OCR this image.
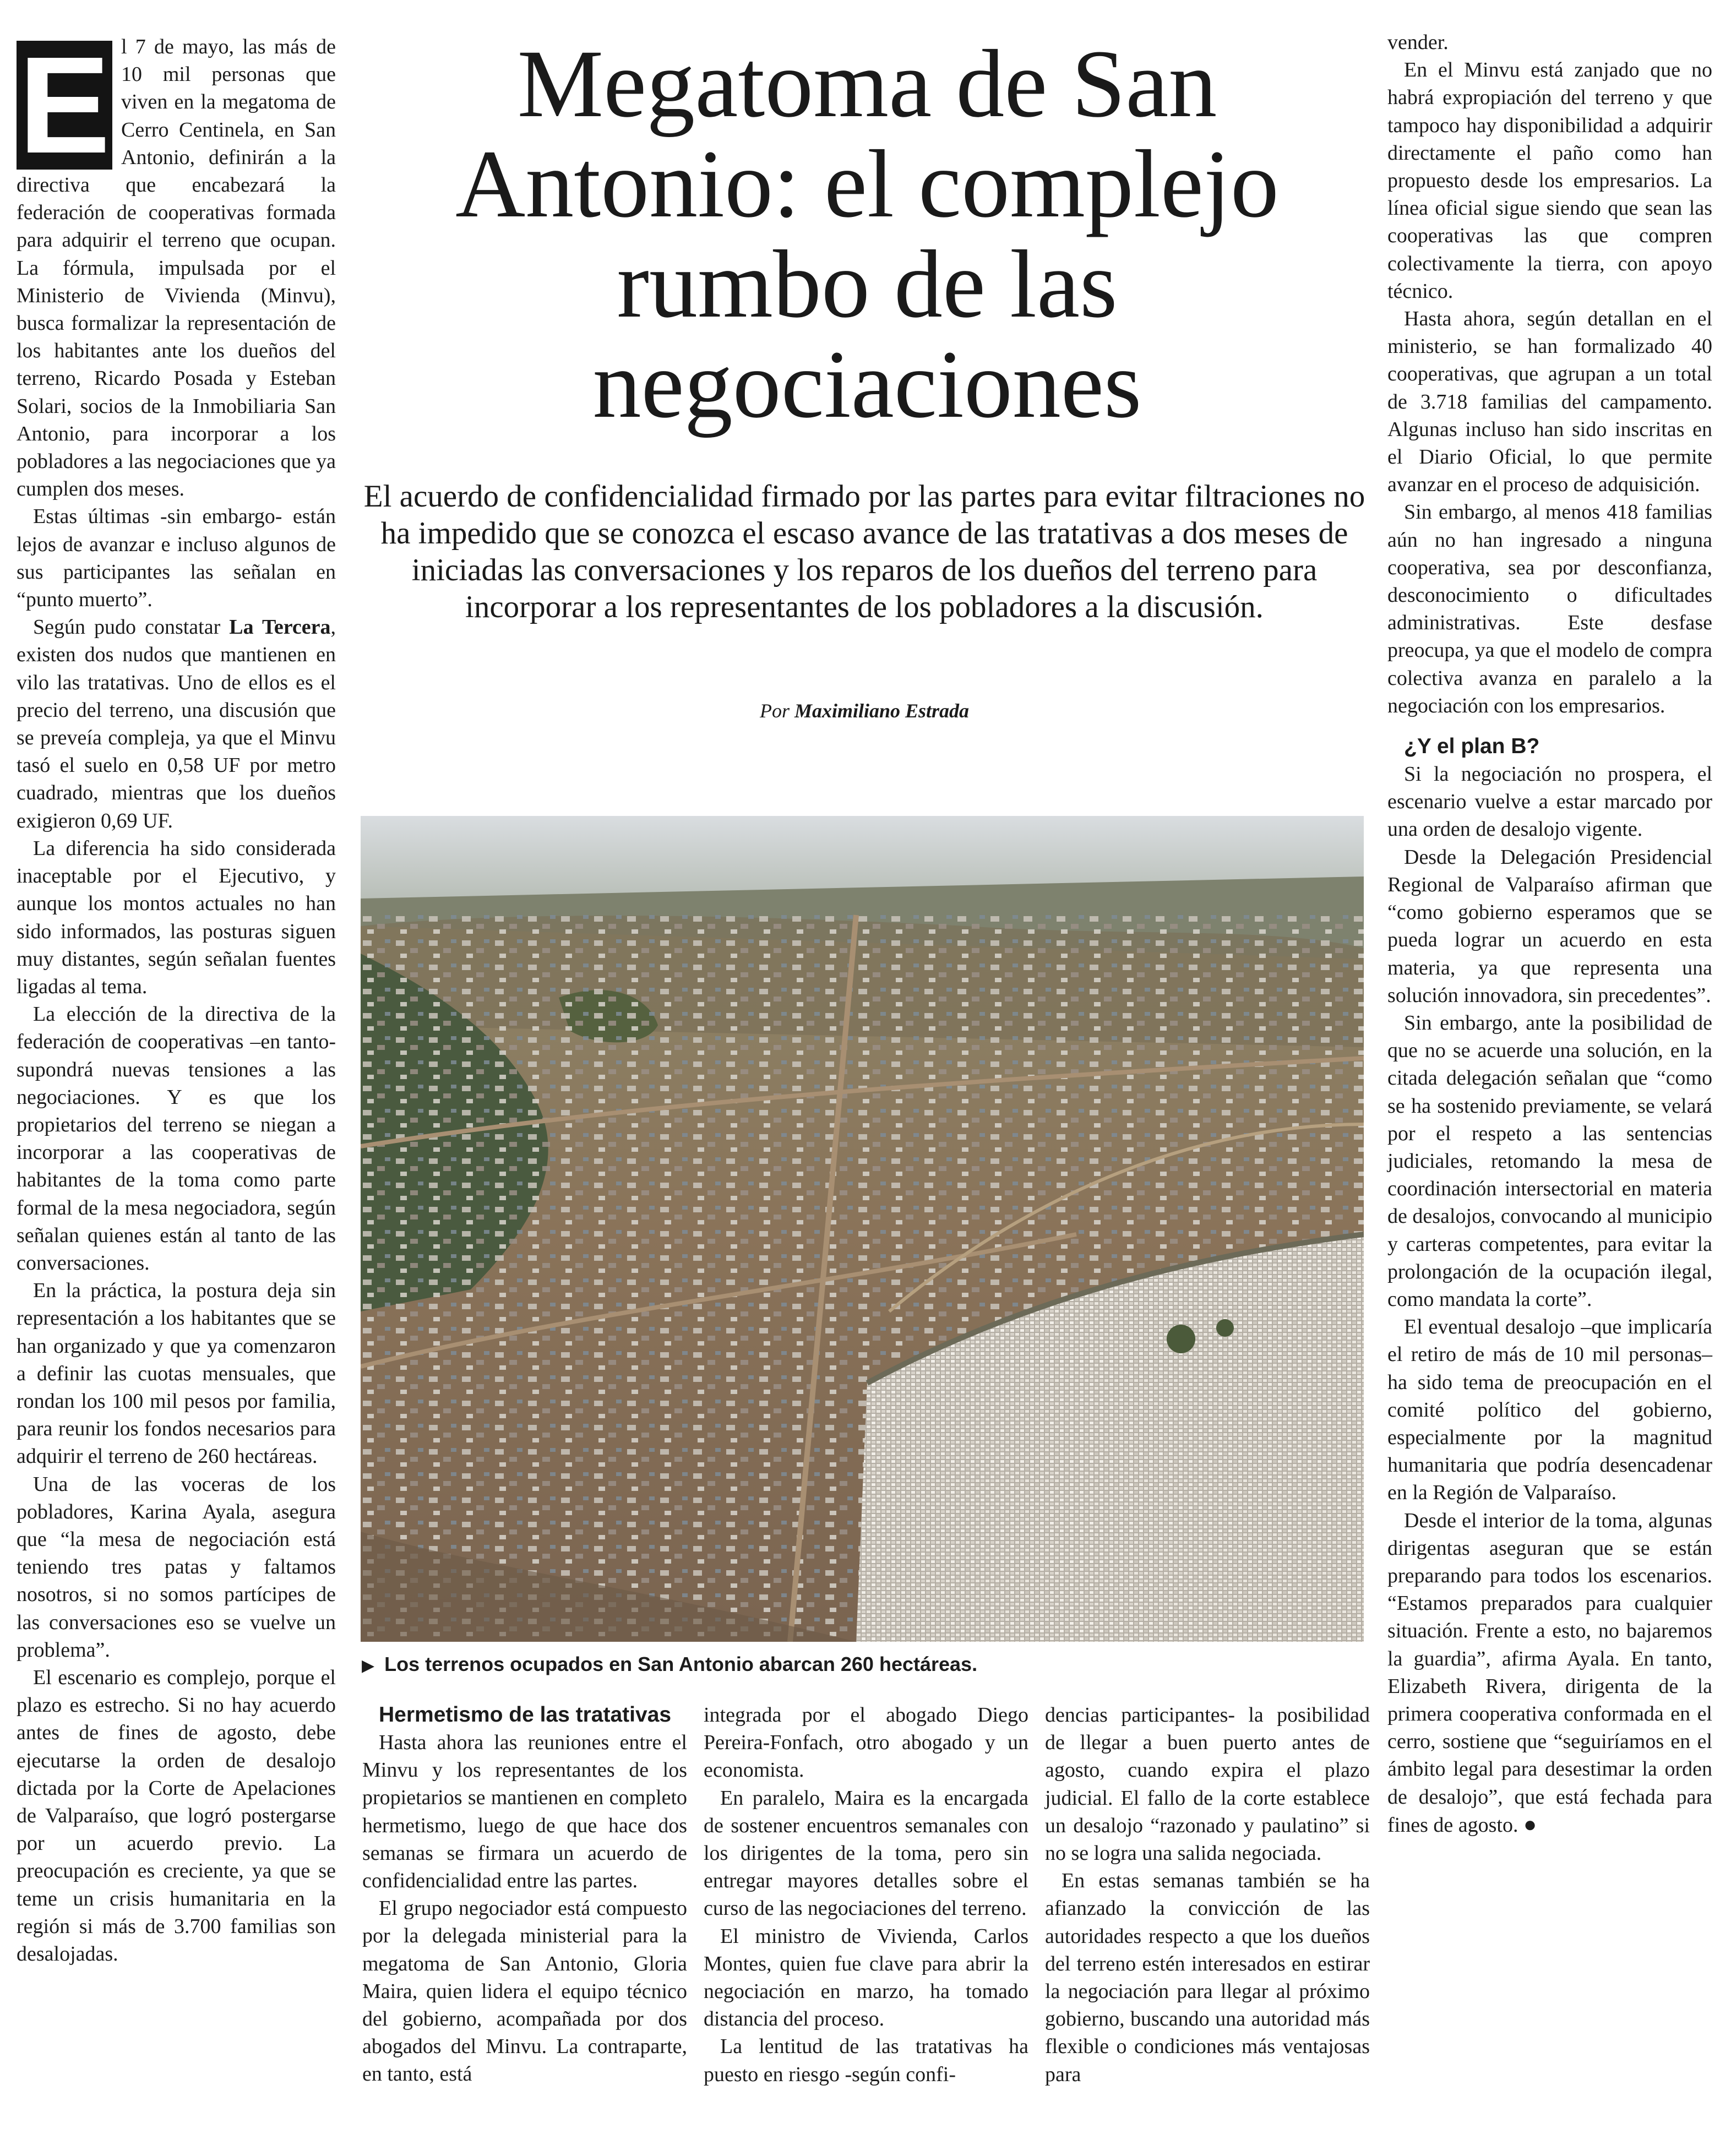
E l 7 de mayo, las más de 10 mil personas que viven en la megatoma de Cerro Centinela, en San Antonio, definirán a la directiva que encabezará la federación de cooperativas formada para adquirir el terreno que ocupan. La fórmula, impulsada por el Ministerio de Vivienda (Minvu), busca formalizar la representación de los habitantes ante los dueños del terreno, Ricardo Posada y Esteban Solari, socios de la Inmobiliaria San Antonio, para incorporar a los pobladores a las negociaciones que ya cumplen dos meses.

Estas últimas -sin embargo- están lejos de avanzar e incluso algunos de sus participantes las señalan en “punto muerto”.

Según pudo constatar La Tercera, existen dos nudos que mantienen en vilo las tratativas. Uno de ellos es el precio del terreno, una discusión que se preveía compleja, ya que el Minvu tasó el suelo en 0,58 UF por metro cuadrado, mientras que los dueños exigieron 0,69 UF.

La diferencia ha sido considerada inaceptable por el Ejecutivo, y aunque los montos actuales no han sido informados, las posturas siguen muy distantes, según señalan fuentes ligadas al tema.

La elección de la directiva de la federación de cooperativas –en tanto- supondrá nuevas tensiones a las negociaciones. Y es que los propietarios del terreno se niegan a incorporar a las cooperativas de habitantes de la toma como parte formal de la mesa negociadora, según señalan quienes están al tanto de las conversaciones.

En la práctica, la postura deja sin representación a los habitantes que se han organizado y que ya comenzaron a definir las cuotas mensuales, que rondan los 100 mil pesos por familia, para reunir los fondos necesarios para adquirir el terreno de 260 hectáreas.

Una de las voceras de los pobladores, Karina Ayala, asegura que “la mesa de negociación está teniendo tres patas y faltamos nosotros, si no somos partícipes de las conversaciones eso se vuelve un problema”.

El escenario es complejo, porque el plazo es estrecho. Si no hay acuerdo antes de fines de agosto, debe ejecutarse la orden de desalojo dictada por la Corte de Apelaciones de Valparaíso, que logró postergarse por un acuerdo previo. La preocupación es creciente, ya que se teme un crisis humanitaria en la región si más de 3.700 familias son desalojadas.

Megatoma de San Antonio: el complejo rumbo de las negociaciones

El acuerdo de confidencialidad firmado por las partes para evitar filtraciones no ha impedido que se conozca el escaso avance de las tratativas a dos meses de iniciadas las conversaciones y los reparos de los dueños del terreno para incorporar a los representantes de los pobladores a la discusión.

Por Maximiliano Estrada
▶ Los terrenos ocupados en San Antonio abarcan 260 hectáreas.

Hermetismo de las tratativas

Hasta ahora las reuniones entre el Minvu y los representantes de los propietarios se mantienen en completo hermetismo, luego de que hace dos semanas se firmara un acuerdo de confidencialidad entre las partes.

El grupo negociador está compuesto por la delegada ministerial para la megatoma de San Antonio, Gloria Maira, quien lidera el equipo técnico del gobierno, acompañada por dos abogados del Minvu. La contraparte, en tanto, está

integrada por el abogado Diego Pereira-Fonfach, otro abogado y un economista.

En paralelo, Maira es la encargada de sostener encuentros semanales con los dirigentes de la toma, pero sin entregar mayores detalles sobre el curso de las negociaciones del terreno.

El ministro de Vivienda, Carlos Montes, quien fue clave para abrir la negociación en marzo, ha tomado distancia del proceso.

La lentitud de las tratativas ha puesto en riesgo -según confi-

dencias participantes- la posibilidad de llegar a buen puerto antes de agosto, cuando expira el plazo judicial. El fallo de la corte establece un desalojo “razonado y paulatino” si no se logra una salida negociada.

En estas semanas también se ha afianzado la convicción de las autoridades respecto a que los dueños del terreno estén interesados en estirar la negociación para llegar al próximo gobierno, buscando una autoridad más flexible o condiciones más ventajosas para

vender.

En el Minvu está zanjado que no habrá expropiación del terreno y que tampoco hay disponibilidad a adquirir directamente el paño como han propuesto desde los empresarios. La línea oficial sigue siendo que sean las cooperativas las que compren colectivamente la tierra, con apoyo técnico.

Hasta ahora, según detallan en el ministerio, se han formalizado 40 cooperativas, que agrupan a un total de 3.718 familias del campamento. Algunas incluso han sido inscritas en el Diario Oficial, lo que permite avanzar en el proceso de adquisición.

Sin embargo, al menos 418 familias aún no han ingresado a ninguna cooperativa, sea por desconfianza, desconocimiento o dificultades administrativas. Este desfase preocupa, ya que el modelo de compra colectiva avanza en paralelo a la negociación con los empresarios.

¿Y el plan B?

Si la negociación no prospera, el escenario vuelve a estar marcado por una orden de desalojo vigente.

Desde la Delegación Presidencial Regional de Valparaíso afirman que “como gobierno esperamos que se pueda lograr un acuerdo en esta materia, ya que representa una solución innovadora, sin precedentes”.

Sin embargo, ante la posibilidad de que no se acuerde una solución, en la citada delegación señalan que “como se ha sostenido previamente, se velará por el respeto a las sentencias judiciales, retomando la mesa de coordinación intersectorial en materia de desalojos, convocando al municipio y carteras competentes, para evitar la prolongación de la ocupación ilegal, como mandata la corte”.

El eventual desalojo –que implicaría el retiro de más de 10 mil personas– ha sido tema de preocupación en el comité político del gobierno, especialmente por la magnitud humanitaria que podría desencadenar en la Región de Valparaíso.

Desde el interior de la toma, algunas dirigentas aseguran que se están preparando para todos los escenarios. “Estamos preparados para cualquier situación. Frente a esto, no bajaremos la guardia”, afirma Ayala. En tanto, Elizabeth Rivera, dirigenta de la primera cooperativa conformada en el cerro, sostiene que “seguiríamos en el ámbito legal para desestimar la orden de desalojo”, que está fechada para fines de agosto. ●
